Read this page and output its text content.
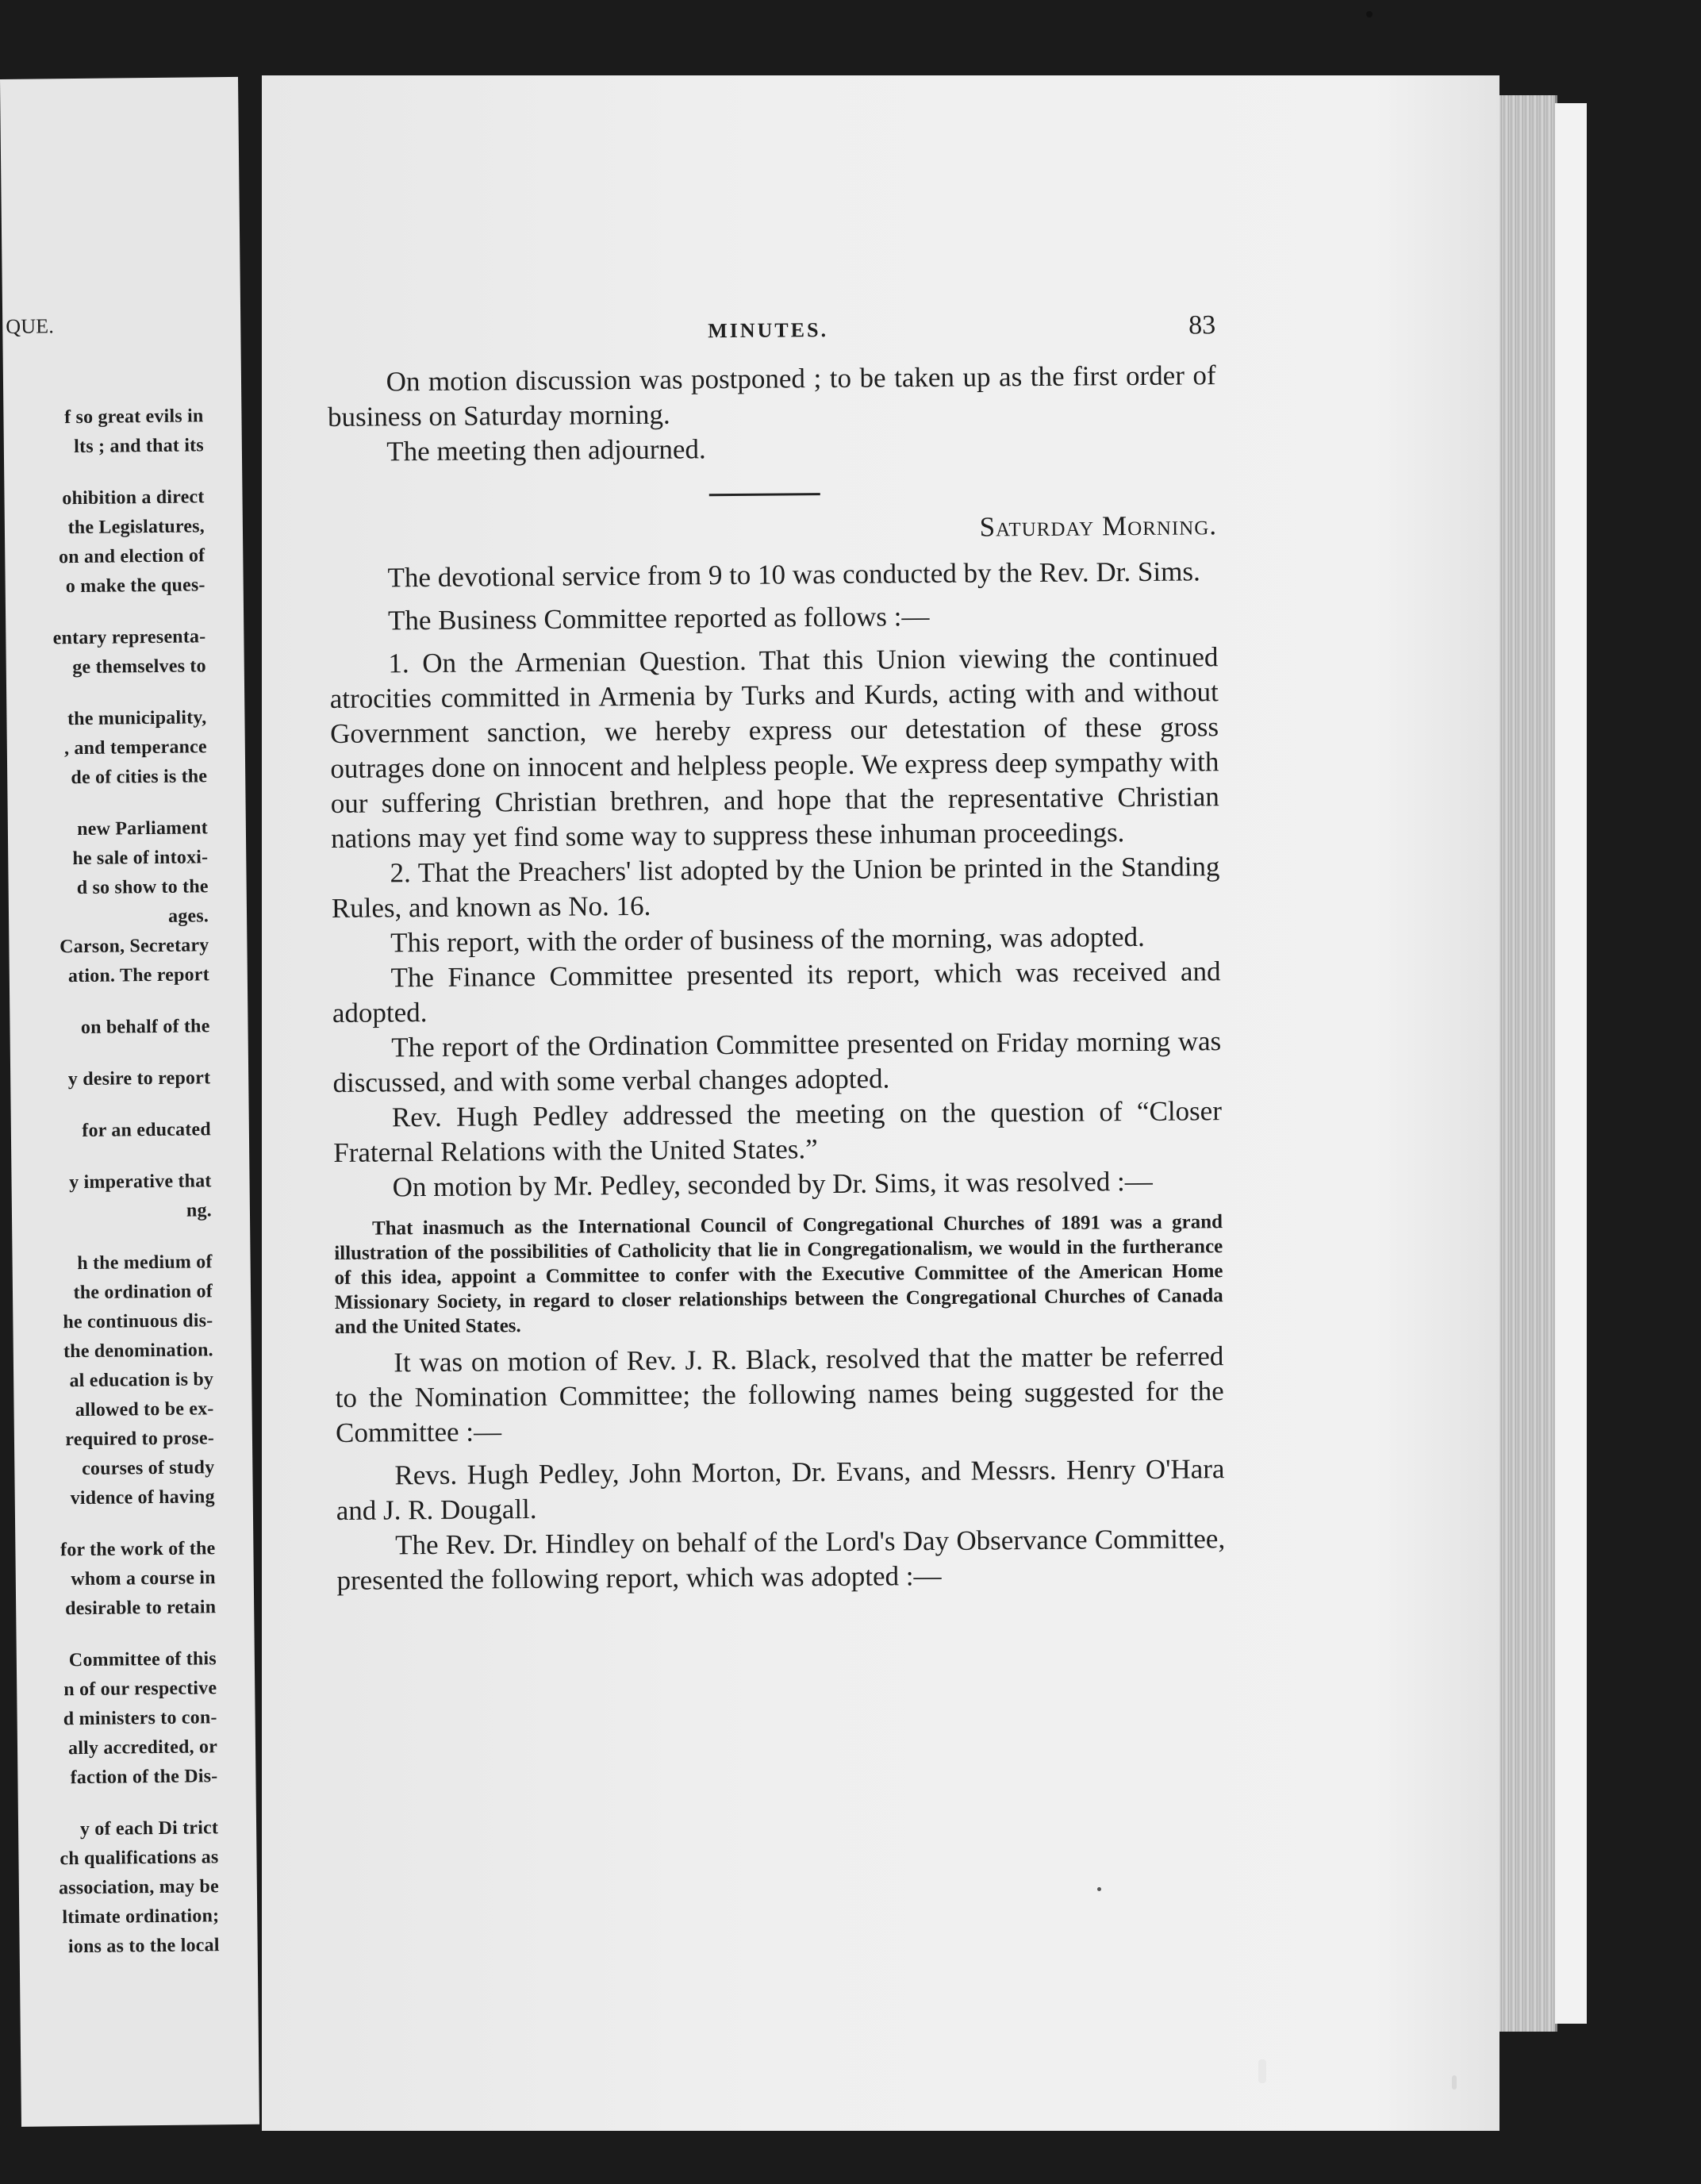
QUE.
f so great evils in
lts ; and that its
ohibition a direct
the Legislatures,
on and election of
o make the ques-
entary representa-
ge themselves to
the municipality,
, and temperance
de of cities is the
new Parliament
he sale of intoxi-
d so show to the
ages.
Carson, Secretary
ation. The report
on behalf of the
y desire to report
for an educated
y imperative that
ng.
h the medium of
the ordination of
he continuous dis-
the denomination.
al education is by
allowed to be ex-
required to prose-
courses of study
vidence of having
for the work of the
whom a course in
desirable to retain
Committee of this
n of our respective
d ministers to con-
ally accredited, or
faction of the Dis-
y of each Di trict
ch qualifications as
association, may be
ltimate ordination;
ions as to the local
MINUTES.	83

On motion discussion was postponed ; to be taken up as the first order of business on Saturday morning.

The meeting then adjourned.

Saturday Morning.

The devotional service from 9 to 10 was conducted by the Rev. Dr. Sims.

The Business Committee reported as follows :—

1. On the Armenian Question. That this Union viewing the continued atrocities committed in Armenia by Turks and Kurds, acting with and without Government sanction, we hereby express our detestation of these gross outrages done on innocent and helpless people. We express deep sympathy with our suffering Christian brethren, and hope that the representative Christian nations may yet find some way to suppress these inhuman proceedings.

2. That the Preachers' list adopted by the Union be printed in the Standing Rules, and known as No. 16.

This report, with the order of business of the morning, was adopted.

The Finance Committee presented its report, which was received and adopted.

The report of the Ordination Committee presented on Friday morning was discussed, and with some verbal changes adopted.

Rev. Hugh Pedley addressed the meeting on the question of “Closer Fraternal Relations with the United States.”

On motion by Mr. Pedley, seconded by Dr. Sims, it was resolved :—

That inasmuch as the International Council of Congregational Churches of 1891 was a grand illustration of the possibilities of Catholicity that lie in Congregationalism, we would in the furtherance of this idea, appoint a Committee to confer with the Executive Committee of the American Home Missionary Society, in regard to closer relationships between the Congregational Churches of Canada and the United States.

It was on motion of Rev. J. R. Black, resolved that the matter be referred to the Nomination Committee; the following names being suggested for the Committee :—

Revs. Hugh Pedley, John Morton, Dr. Evans, and Messrs. Henry O'Hara and J. R. Dougall.

The Rev. Dr. Hindley on behalf of the Lord's Day Observance Committee, presented the following report, which was adopted :—
